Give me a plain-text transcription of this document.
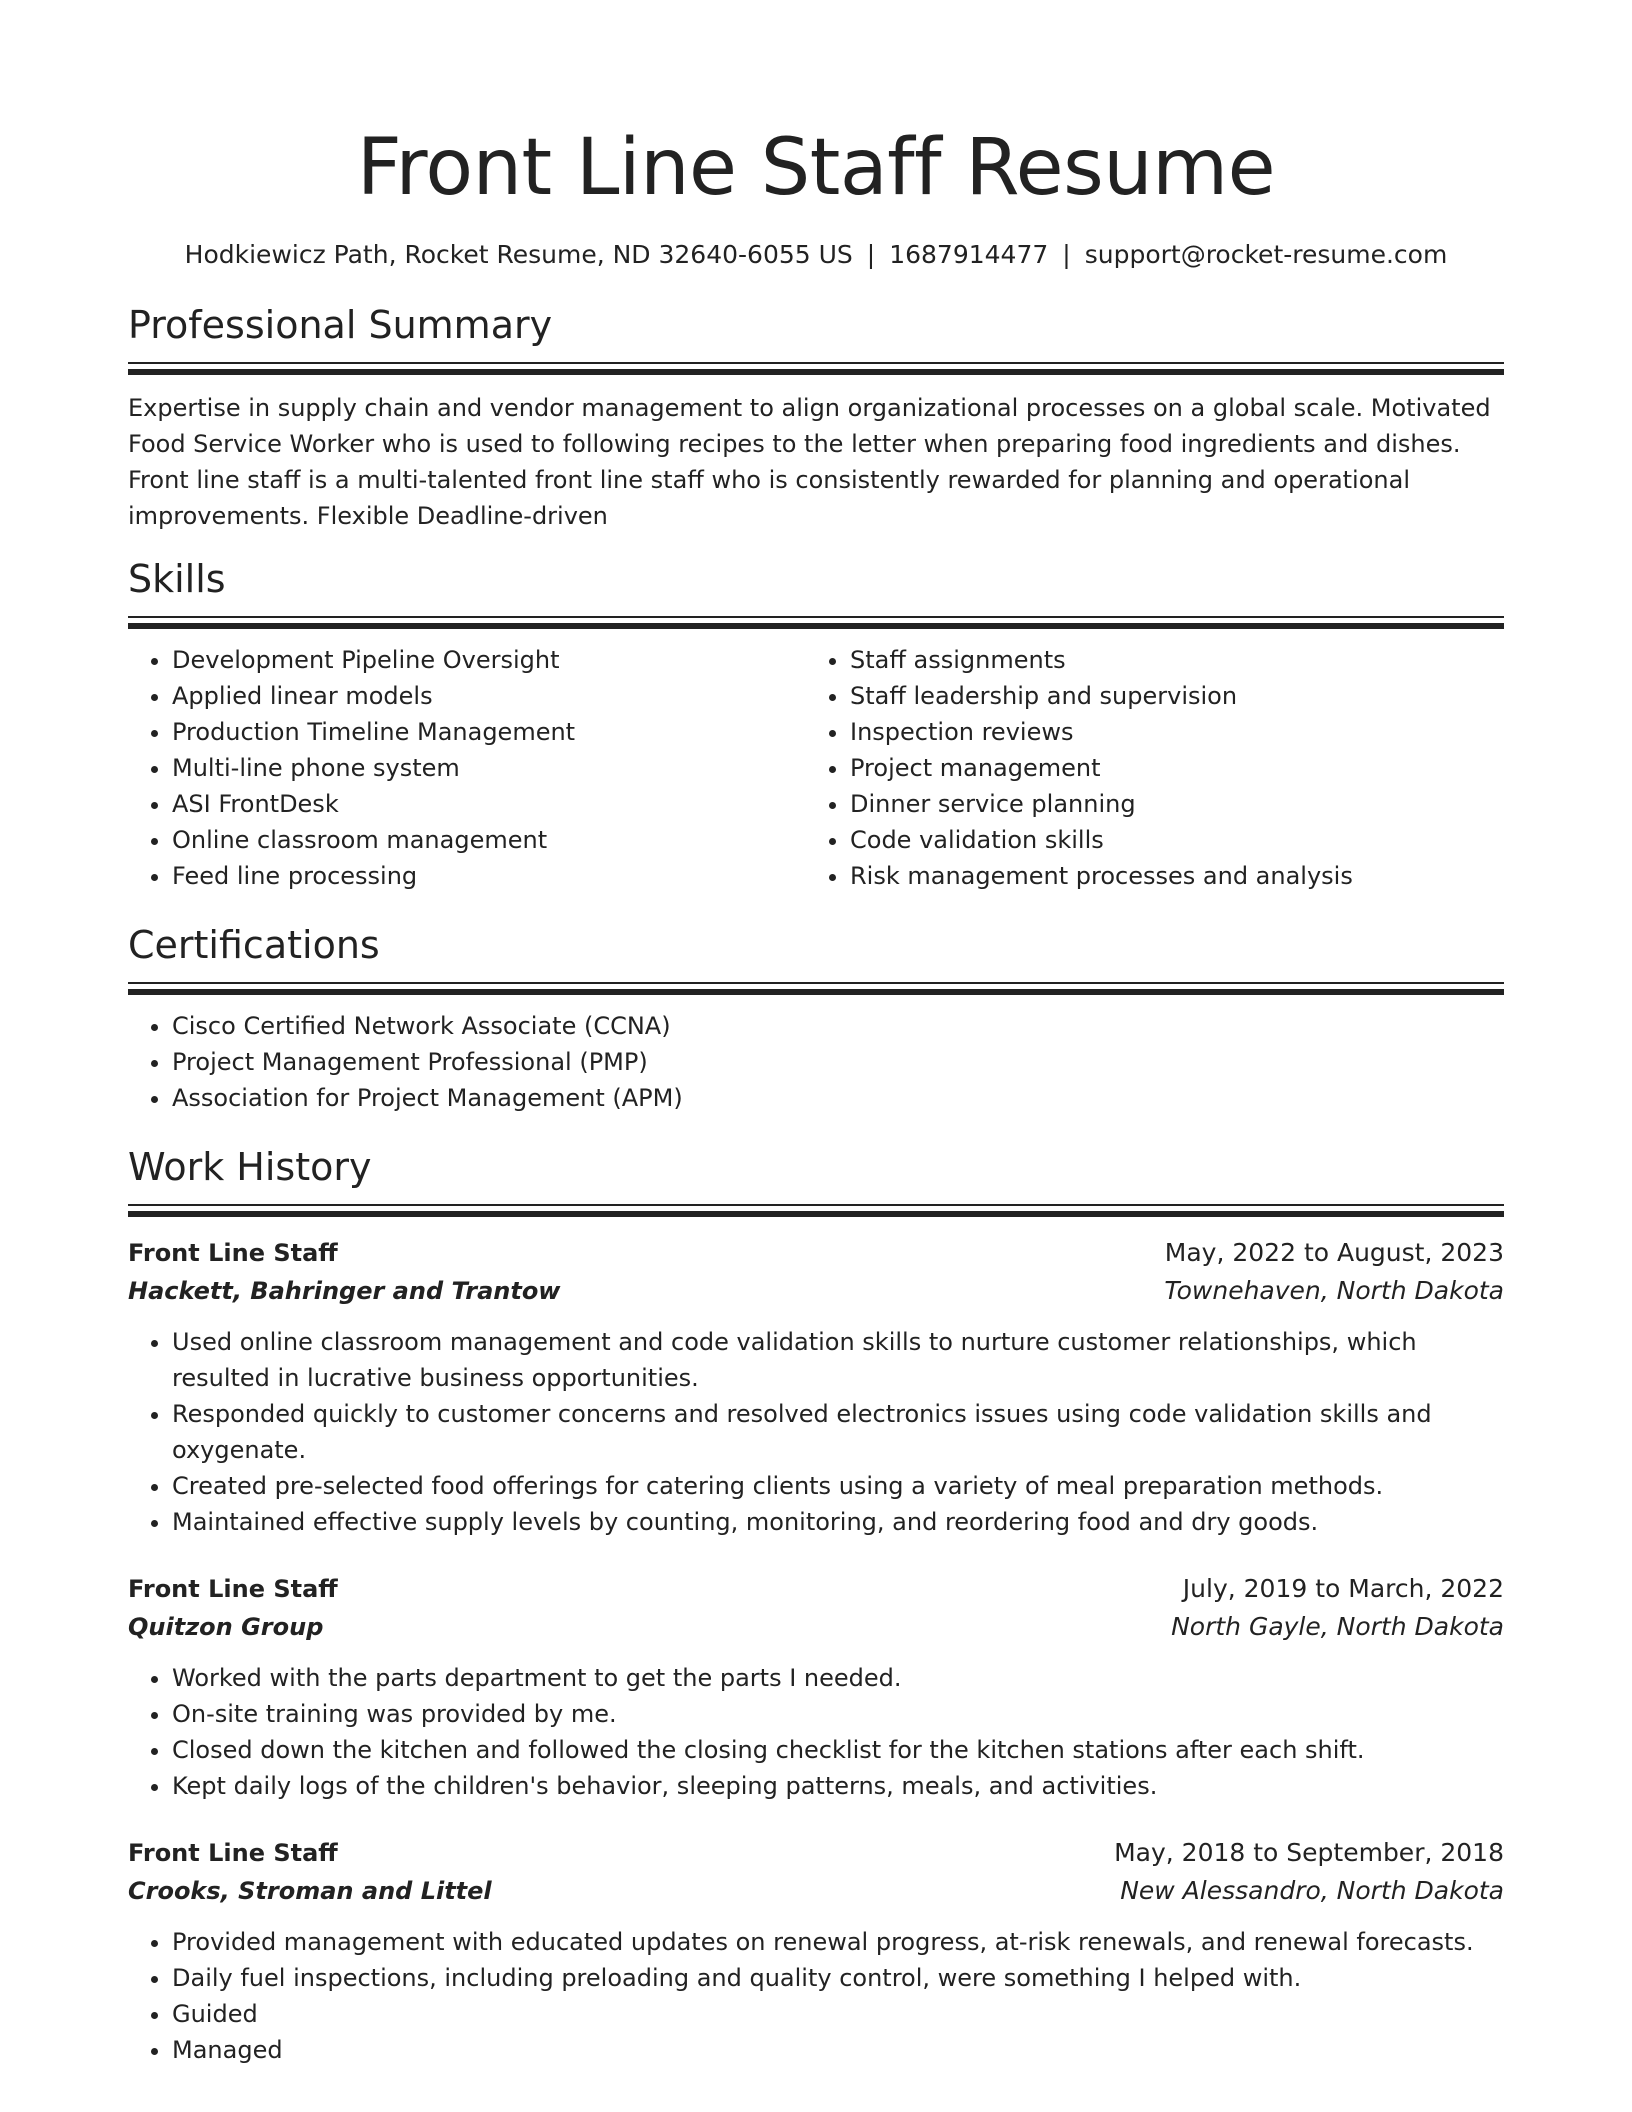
Front Line Staff Resume
Hodkiewicz Path, Rocket Resume, ND 32640-6055 US | 1687914477 | support@rocket-resume.com
Professional Summary

Expertise in supply chain and vendor management to align organizational processes on a global scale. Motivated Food Service Worker who is used to following recipes to the letter when preparing food ingredients and dishes. Front line staff is a multi-talented front line staff who is consistently rewarded for planning and operational improvements. Flexible Deadline-driven

Skills
• Development Pipeline Oversight
• Applied linear models
• Production Timeline Management
• Multi-line phone system
• ASI FrontDesk
• Online classroom management
• Feed line processing
• Staff assignments
• Staff leadership and supervision
• Inspection reviews
• Project management
• Dinner service planning
• Code validation skills
• Risk management processes and analysis
Certifications
• Cisco Certified Network Associate (CCNA)
• Project Management Professional (PMP)
• Association for Project Management (APM)
Work History
Front Line Staff	May, 2022 to August, 2023
Hackett, Bahringer and Trantow	Townehaven, North Dakota
• Used online classroom management and code validation skills to nurture customer relationships, which resulted in lucrative business opportunities.
• Responded quickly to customer concerns and resolved electronics issues using code validation skills and oxygenate.
• Created pre-selected food offerings for catering clients using a variety of meal preparation methods.
• Maintained effective supply levels by counting, monitoring, and reordering food and dry goods.
Front Line Staff	July, 2019 to March, 2022
Quitzon Group	North Gayle, North Dakota
• Worked with the parts department to get the parts I needed.
• On-site training was provided by me.
• Closed down the kitchen and followed the closing checklist for the kitchen stations after each shift.
• Kept daily logs of the children's behavior, sleeping patterns, meals, and activities.
Front Line Staff	May, 2018 to September, 2018
Crooks, Stroman and Littel	New Alessandro, North Dakota
• Provided management with educated updates on renewal progress, at-risk renewals, and renewal forecasts.
• Daily fuel inspections, including preloading and quality control, were something I helped with.
• Guided
• Managed
